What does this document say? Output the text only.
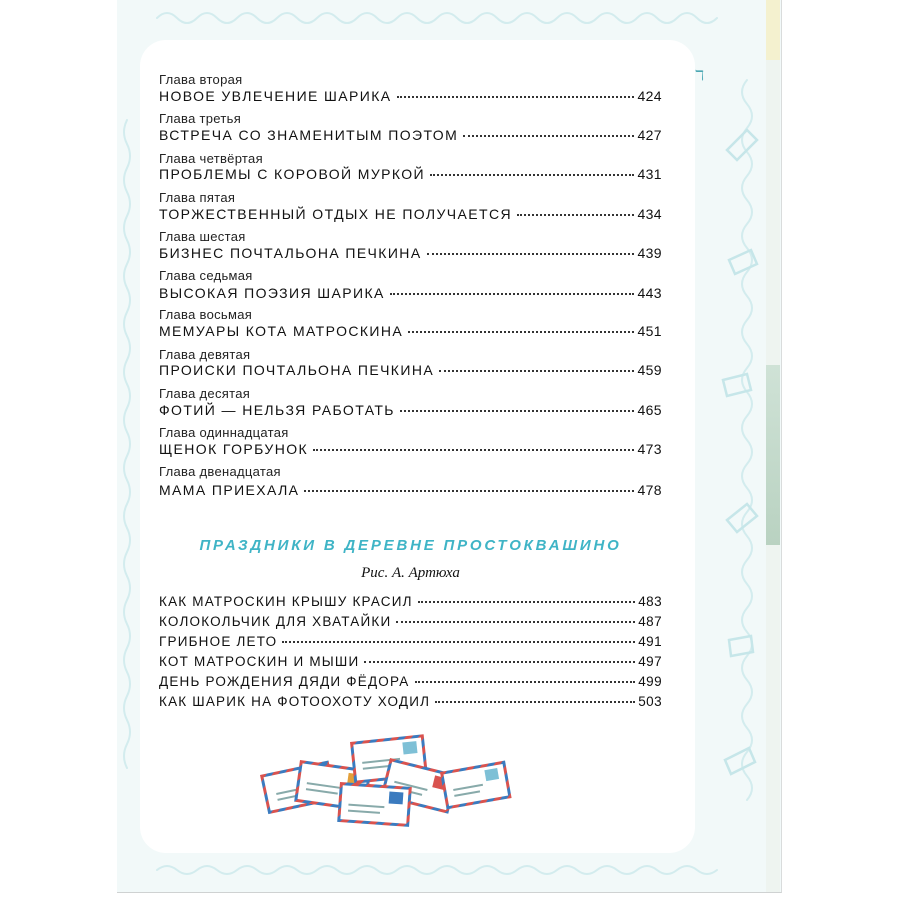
ℸ
Глава вторая
НОВОЕ УВЛЕЧЕНИЕ ШАРИКА	424
Глава третья
ВСТРЕЧА СО ЗНАМЕНИТЫМ ПОЭТОМ	427
Глава четвёртая
ПРОБЛЕМЫ С КОРОВОЙ МУРКОЙ	431
Глава пятая
ТОРЖЕСТВЕННЫЙ ОТДЫХ НЕ ПОЛУЧАЕТСЯ	434
Глава шестая
БИЗНЕС ПОЧТАЛЬОНА ПЕЧКИНА	439
Глава седьмая
ВЫСОКАЯ ПОЭЗИЯ ШАРИКА	443
Глава восьмая
МЕМУАРЫ КОТА МАТРОСКИНА	451
Глава девятая
ПРОИСКИ ПОЧТАЛЬОНА ПЕЧКИНА	459
Глава десятая
ФОТИЙ — НЕЛЬЗЯ РАБОТАТЬ	465
Глава одиннадцатая
ЩЕНОК ГОРБУНОК	473
Глава двенадцатая
МАМА ПРИЕХАЛА	478
ПРАЗДНИКИ В ДЕРЕВНЕ ПРОСТОКВАШИНО
Рис. А. Артюха
КАК МАТРОСКИН КРЫШУ КРАСИЛ	483
КОЛОКОЛЬЧИК ДЛЯ ХВАТАЙКИ	487
ГРИБНОЕ ЛЕТО	491
КОТ МАТРОСКИН И МЫШИ	497
ДЕНЬ РОЖДЕНИЯ ДЯДИ ФЁДОРА	499
КАК ШАРИК НА ФОТООХОТУ ХОДИЛ	503
